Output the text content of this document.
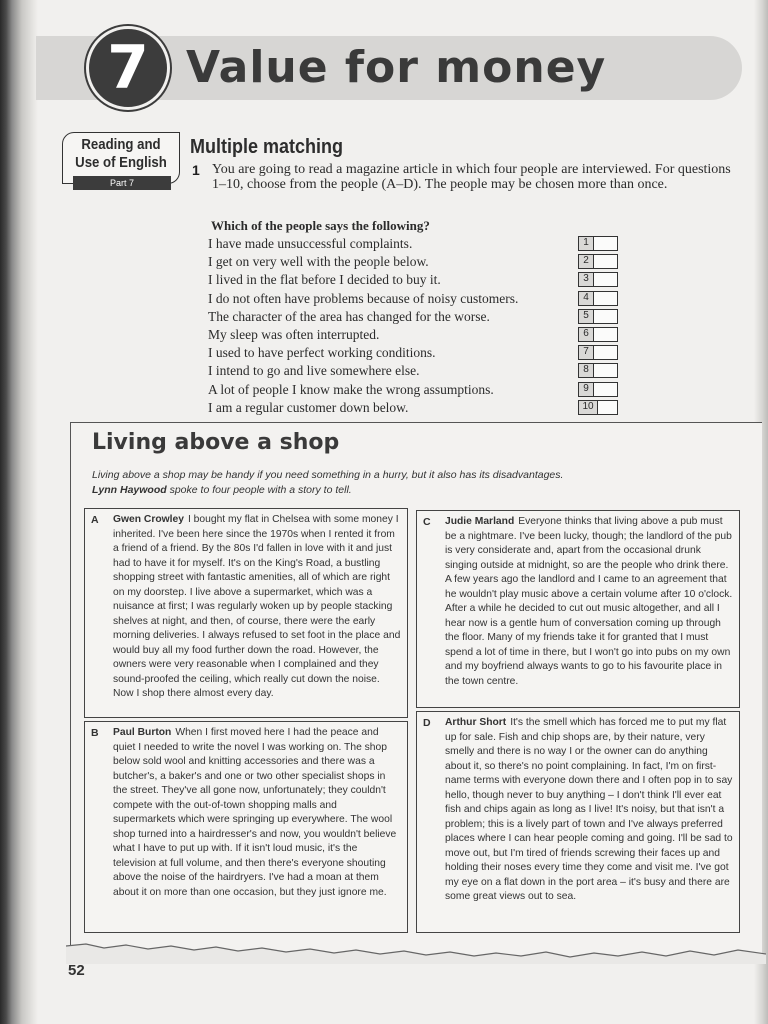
7 Value for money
Reading and
Use of English
Part 7
Multiple matching
1 You are going to read a magazine article in which four people are interviewed. For questions 1–10, choose from the people (A–D). The people may be chosen more than once.
Which of the people says the following?
I have made unsuccessful complaints.	1
I get on very well with the people below.	2
I lived in the flat before I decided to buy it.	3
I do not often have problems because of noisy customers.	4
The character of the area has changed for the worse.	5
My sleep was often interrupted.	6
I used to have perfect working conditions.	7
I intend to go and live somewhere else.	8
A lot of people I know make the wrong assumptions.	9
I am a regular customer down below.	10
Living above a shop
Living above a shop may be handy if you need something in a hurry, but it also has its disadvantages.
Lynn Haywood spoke to four people with a story to tell.
A Gwen Crowley I bought my flat in Chelsea with some money I inherited. I've been here since the 1970s when I rented it from a friend of a friend. By the 80s I'd fallen in love with it and just had to have it for myself. It's on the King's Road, a bustling shopping street with fantastic amenities, all of which are right on my doorstep. I live above a supermarket, which was a nuisance at first; I was regularly woken up by people stacking shelves at night, and then, of course, there were the early morning deliveries. I always refused to set foot in the place and would buy all my food further down the road. However, the owners were very reasonable when I complained and they sound-proofed the ceiling, which really cut down the noise. Now I shop there almost every day.
B Paul Burton When I first moved here I had the peace and quiet I needed to write the novel I was working on. The shop below sold wool and knitting accessories and there was a butcher's, a baker's and one or two other specialist shops in the street. They've all gone now, unfortunately; they couldn't compete with the out-of-town shopping malls and supermarkets which were springing up everywhere. The wool shop turned into a hairdresser's and now, you wouldn't believe what I have to put up with. If it isn't loud music, it's the television at full volume, and then there's everyone shouting above the noise of the hairdryers. I've had a moan at them about it on more than one occasion, but they just ignore me.
C Judie Marland Everyone thinks that living above a pub must be a nightmare. I've been lucky, though; the landlord of the pub is very considerate and, apart from the occasional drunk singing outside at midnight, so are the people who drink there. A few years ago the landlord and I came to an agreement that he wouldn't play music above a certain volume after 10 o'clock. After a while he decided to cut out music altogether, and all I hear now is a gentle hum of conversation coming up through the floor. Many of my friends take it for granted that I must spend a lot of time in there, but I won't go into pubs on my own and my boyfriend always wants to go to his favourite place in the town centre.
D Arthur Short It's the smell which has forced me to put my flat up for sale. Fish and chip shops are, by their nature, very smelly and there is no way I or the owner can do anything about it, so there's no point complaining. In fact, I'm on first-name terms with everyone down there and I often pop in to say hello, though never to buy anything – I don't think I'll ever eat fish and chips again as long as I live! It's noisy, but that isn't a problem; this is a lively part of town and I've always preferred places where I can hear people coming and going. I'll be sad to move out, but I'm tired of friends screwing their faces up and holding their noses every time they come and visit me. I've got my eye on a flat down in the port area – it's busy and there are some great views out to sea.
52
